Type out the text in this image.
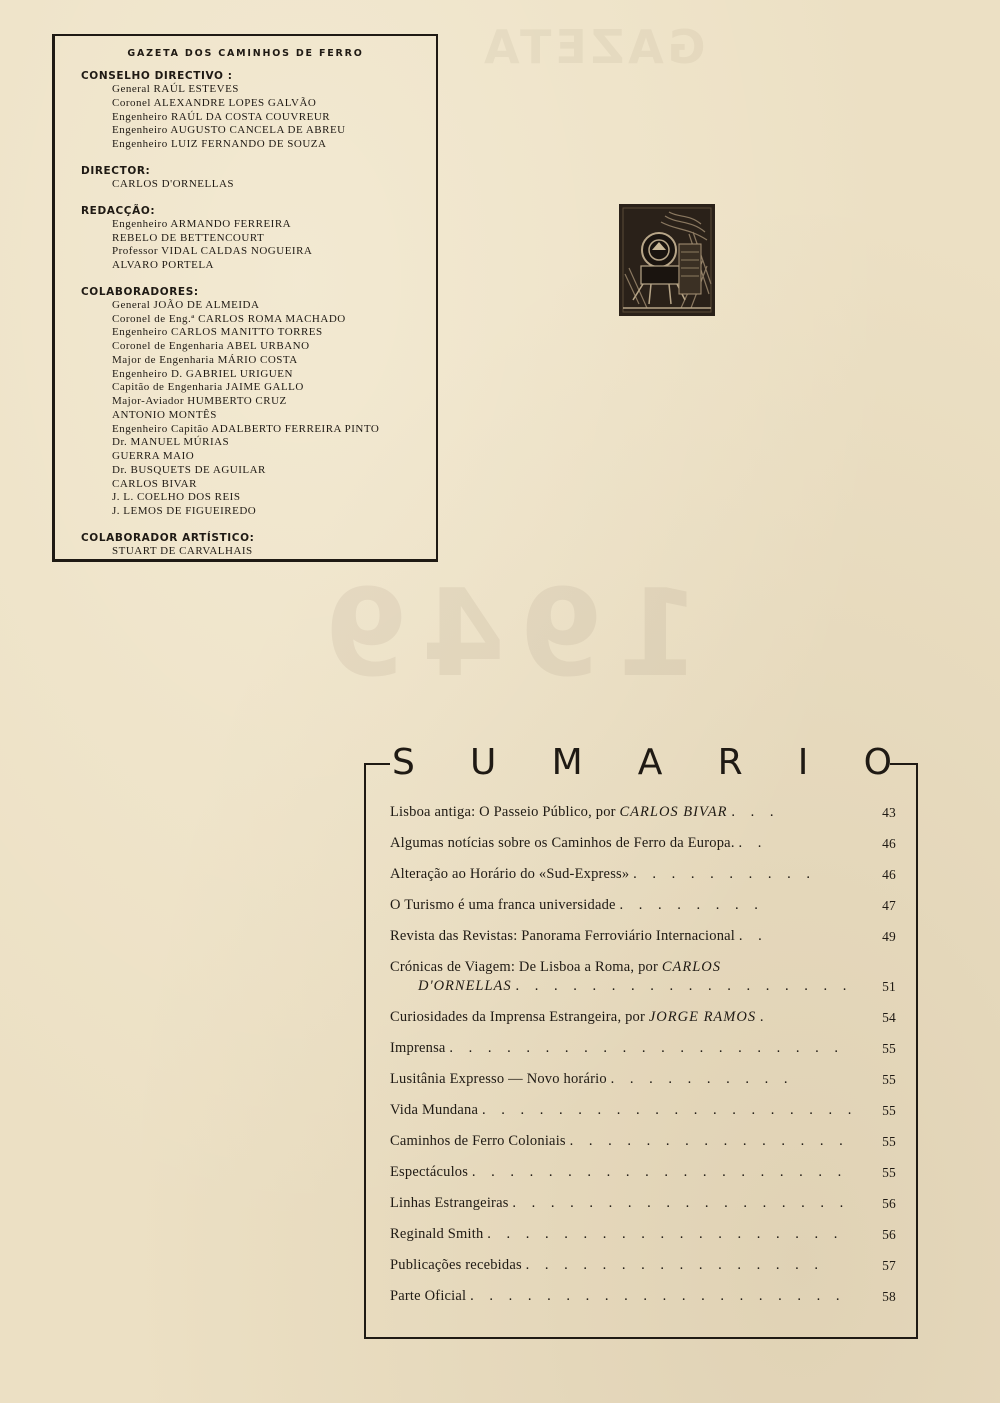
GAZETA
1949
GAZETA DOS CAMINHOS DE FERRO
CONSELHO DIRECTIVO :
General RAÚL ESTEVES
Coronel ALEXANDRE LOPES GALVÃO
Engenheiro RAÚL DA COSTA COUVREUR
Engenheiro AUGUSTO CANCELA DE ABREU
Engenheiro LUIZ FERNANDO DE SOUZA
DIRECTOR:
CARLOS D'ORNELLAS
REDACÇÃO:
Engenheiro ARMANDO FERREIRA
REBELO DE BETTENCOURT
Professor VIDAL CALDAS NOGUEIRA
ALVARO PORTELA
COLABORADORES:
General JOÃO DE ALMEIDA
Coronel de Eng.ª CARLOS ROMA MACHADO
Engenheiro CARLOS MANITTO TORRES
Coronel de Engenharia ABEL URBANO
Major de Engenharia MÁRIO COSTA
Engenheiro D. GABRIEL URIGUEN
Capitão de Engenharia JAIME GALLO
Major-Aviador HUMBERTO CRUZ
ANTONIO MONTÊS
Engenheiro Capitão ADALBERTO FERREIRA PINTO
Dr. MANUEL MÚRIAS
GUERRA MAIO
Dr. BUSQUETS DE AGUILAR
CARLOS BIVAR
J. L. COELHO DOS REIS
J. LEMOS DE FIGUEIREDO
COLABORADOR ARTÍSTICO:
STUART DE CARVALHAIS
S U M A R I O
Lisboa antiga: O Passeio Público, por CARLOS BIVAR . . .	43
Algumas notícias sobre os Caminhos de Ferro da Europa. . .	46
Alteração ao Horário do «Sud-Express» . . . . . . . . . .	46
O Turismo é uma franca universidade . . . . . . . .	47
Revista das Revistas: Panorama Ferroviário Internacional . .	49
Crónicas de Viagem: De Lisboa a Roma, por CARLOS
D'ORNELLAS . . . . . . . . . . . . . . . . . .	51
Curiosidades da Imprensa Estrangeira, por JORGE RAMOS .	54
Imprensa . . . . . . . . . . . . . . . . . . . . .	55
Lusitânia Expresso — Novo horário . . . . . . . . . .	55
Vida Mundana . . . . . . . . . . . . . . . . . . . .	55
Caminhos de Ferro Coloniais . . . . . . . . . . . . . . .	55
Espectáculos . . . . . . . . . . . . . . . . . . . .	55
Linhas Estrangeiras . . . . . . . . . . . . . . . . . .	56
Reginald Smith . . . . . . . . . . . . . . . . . . .	56
Publicações recebidas . . . . . . . . . . . . . . . .	57
Parte Oficial . . . . . . . . . . . . . . . . . . . .	58
